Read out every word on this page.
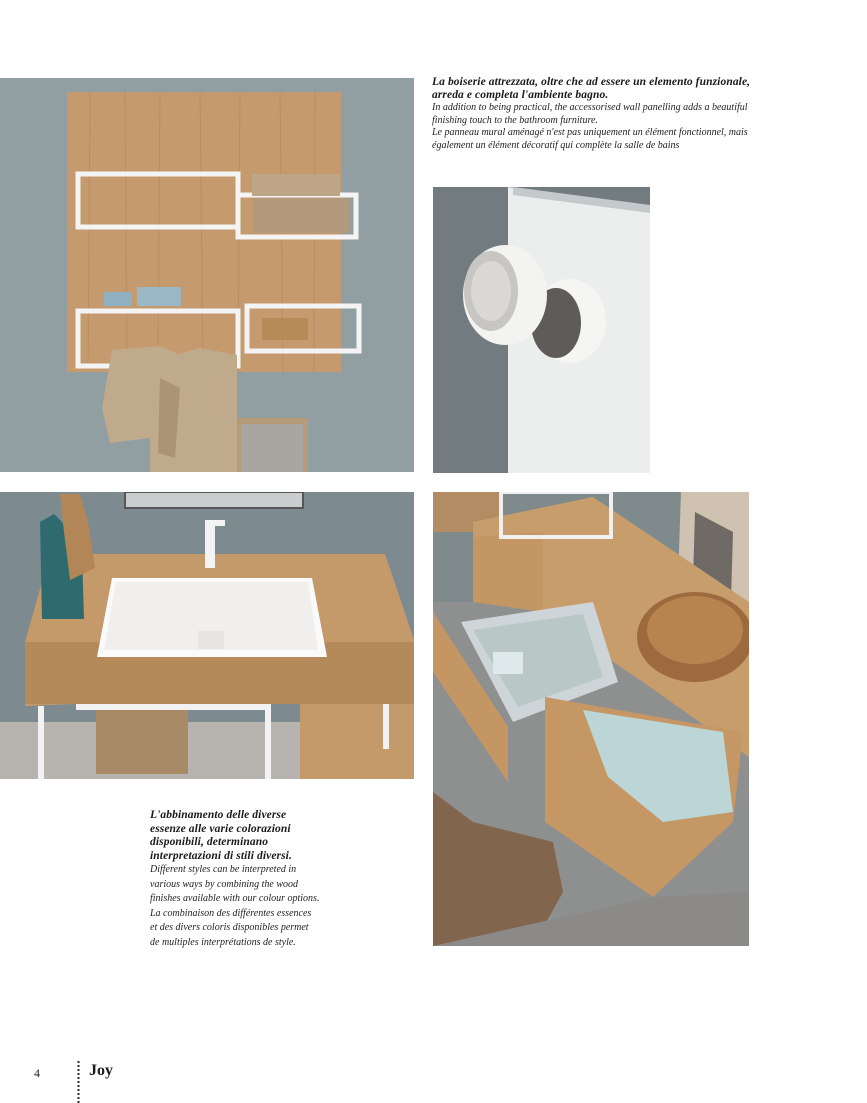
La boiserie attrezzata, oltre che ad essere un elemento funzionale, arreda e completa l'ambiente bagno.
In addition to being practical, the accessorised wall panelling adds a beautiful finishing touch to the bathroom furniture.
Le panneau mural aménagé n'est pas uniquement un élément fonctionnel, mais également un élément décoratif qui complète la salle de bains
L'abbinamento delle diverse essenze alle varie colorazioni disponibili, determinano interpretazioni di stili diversi.
Different styles can be interpreted in various ways by combining the wood finishes available with our colour options.
La combinaison des différentes essences et des divers coloris disponibles permet de multiples interprétations de style.
4	Joy
